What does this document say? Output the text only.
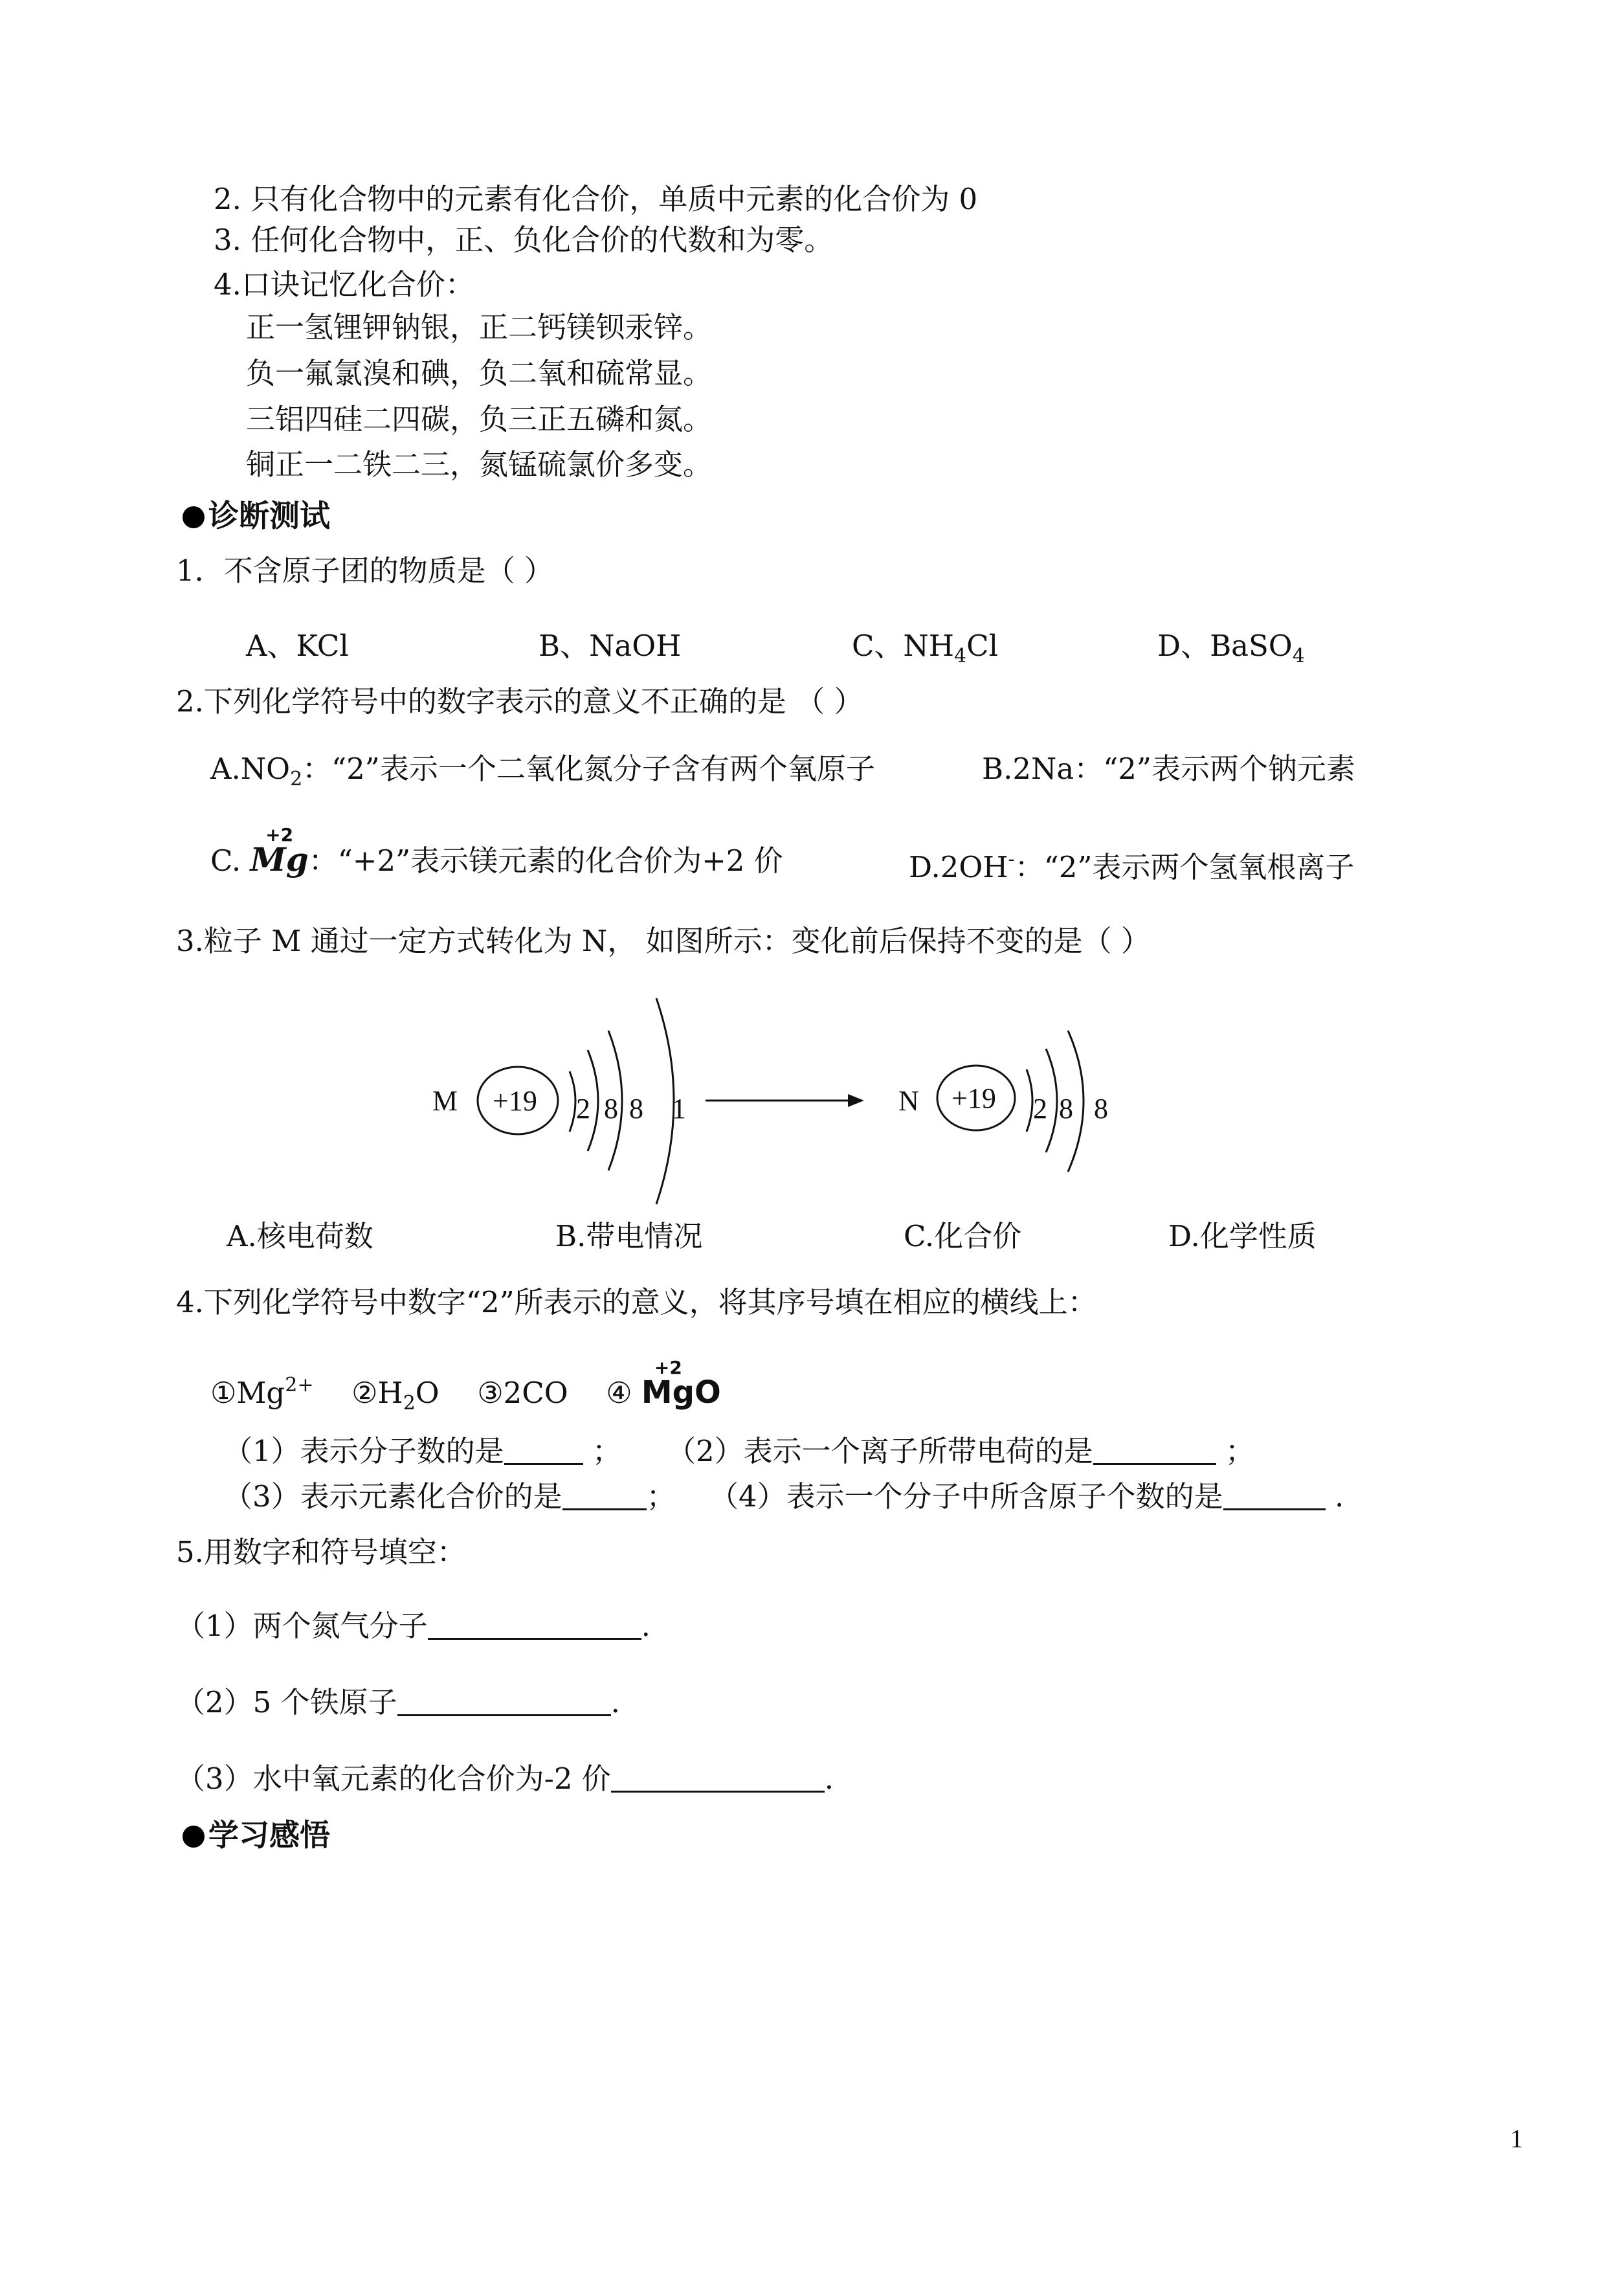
2. 只有化合物中的元素有化合价，单质中元素的化合价为 0
3. 任何化合物中，正、负化合价的代数和为零。
4.口诀记忆化合价：
正一氢锂钾钠银，正二钙镁钡汞锌。
负一氟氯溴和碘，负二氧和硫常显。
三铝四硅二四碳，负三正五磷和氮。
铜正一二铁二三，氮锰硫氯价多变。
诊断测试
1．不含原子团的物质是（ ）
A、KCl	B、NaOH	C、$NH_4Cl$	D、BaSO$_4$
2.下列化学符号中的数字表示的意义不正确的是 （ ）
$A.NO_2$：“2”表示一个二氧化氮分子含有两个氧原子	B.2Na：“2”表示两个钠元素
C.
+2
Mg：“+2”表示镁元素的化合价为+2 价	D.2OH-：“2”表示两个氢氧根离子
3.粒子 M 通过一定方式转化为 N， 如图所示：变化前后保持不变的是（ ）
M +19 2 8 8 1	N +19 2 8 8
A.核电荷数	B.带电情况	C.化合价	D.化学性质
4.下列化学符号中数字“2”所表示的意义，将其序号填在相应的横线上：
$①Mg^{2+}$ $②H_2O$ ③2CO ④
+2
MgO
（1）表示分子数的是	； （2）表示一个离子所带电荷的是	；
（3）表示元素化合价的是	； （4）表示一个分子中所含原子个数的是	.
5.用数字和符号填空：
（1）两个氮气分子	.
（2）5 个铁原子	.
（3）水中氧元素的化合价为-2 价	.
学习感悟
1
